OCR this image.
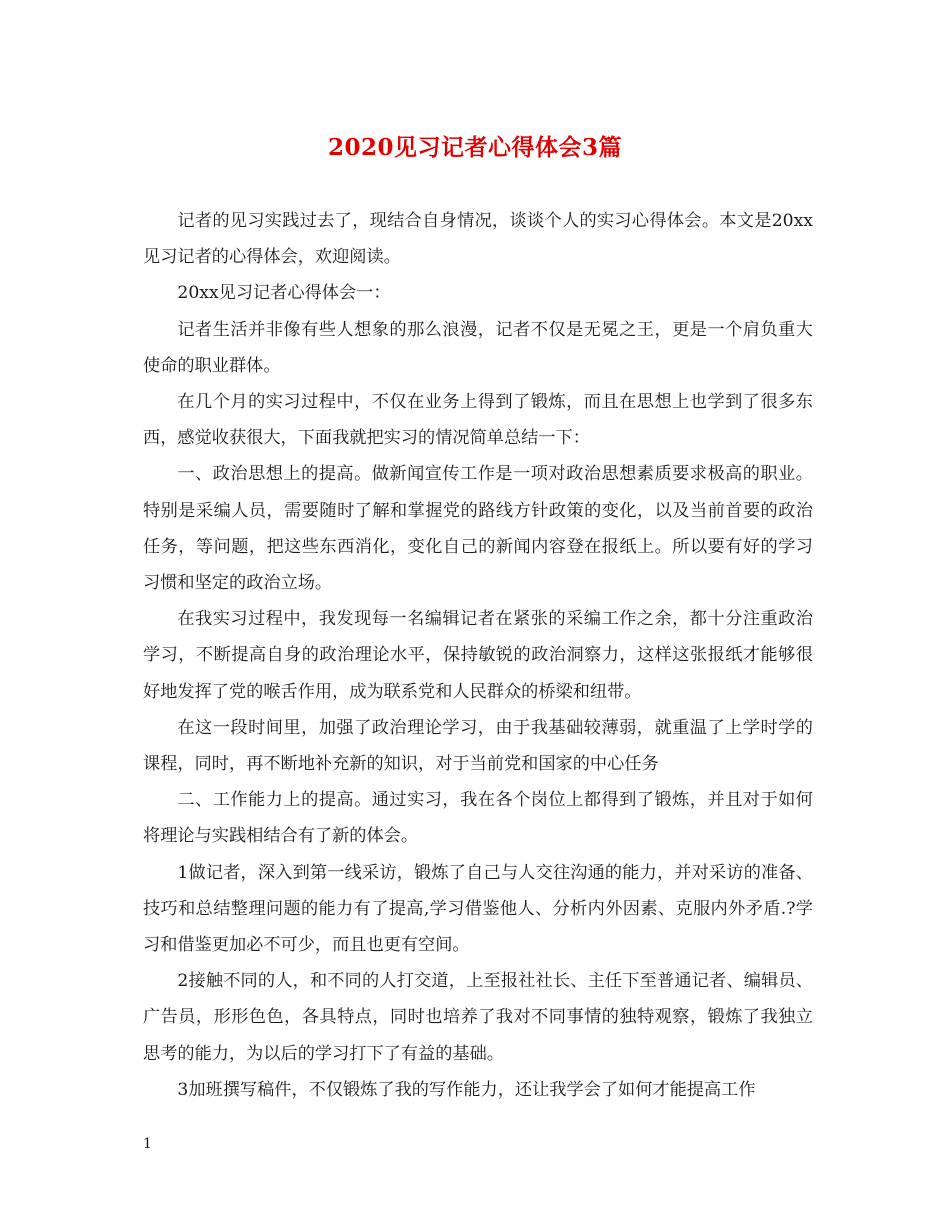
2020见习记者心得体会3篇

记者的见习实践过去了，现结合自身情况，谈谈个人的实习心得体会。本文是20xx见习记者的心得体会，欢迎阅读。

20xx见习记者心得体会一：

记者生活并非像有些人想象的那么浪漫，记者不仅是无冕之王，更是一个肩负重大使命的职业群体。

在几个月的实习过程中，不仅在业务上得到了锻炼，而且在思想上也学到了很多东西，感觉收获很大，下面我就把实习的情况简单总结一下：

一、政治思想上的提高。做新闻宣传工作是一项对政治思想素质要求极高的职业。特别是采编人员，需要随时了解和掌握党的路线方针政策的变化，以及当前首要的政治任务，等问题，把这些东西消化，变化自己的新闻内容登在报纸上。所以要有好的学习习惯和坚定的政治立场。

在我实习过程中，我发现每一名编辑记者在紧张的采编工作之余，都十分注重政治学习，不断提高自身的政治理论水平，保持敏锐的政治洞察力，这样这张报纸才能够很好地发挥了党的喉舌作用，成为联系党和人民群众的桥梁和纽带。

在这一段时间里，加强了政治理论学习，由于我基础较薄弱，就重温了上学时学的课程，同时，再不断地补充新的知识，对于当前党和国家的中心任务

二、工作能力上的提高。通过实习，我在各个岗位上都得到了锻炼，并且对于如何将理论与实践相结合有了新的体会。

1做记者，深入到第一线采访，锻炼了自己与人交往沟通的能力，并对采访的准备、技巧和总结整理问题的能力有了提高,学习借鉴他人、分析内外因素、克服内外矛盾.?学习和借鉴更加必不可少，而且也更有空间。

2接触不同的人，和不同的人打交道，上至报社社长、主任下至普通记者、编辑员、广告员，形形色色，各具特点，同时也培养了我对不同事情的独特观察，锻炼了我独立思考的能力，为以后的学习打下了有益的基础。

3加班撰写稿件，不仅锻炼了我的写作能力，还让我学会了如何才能提高工作

1
